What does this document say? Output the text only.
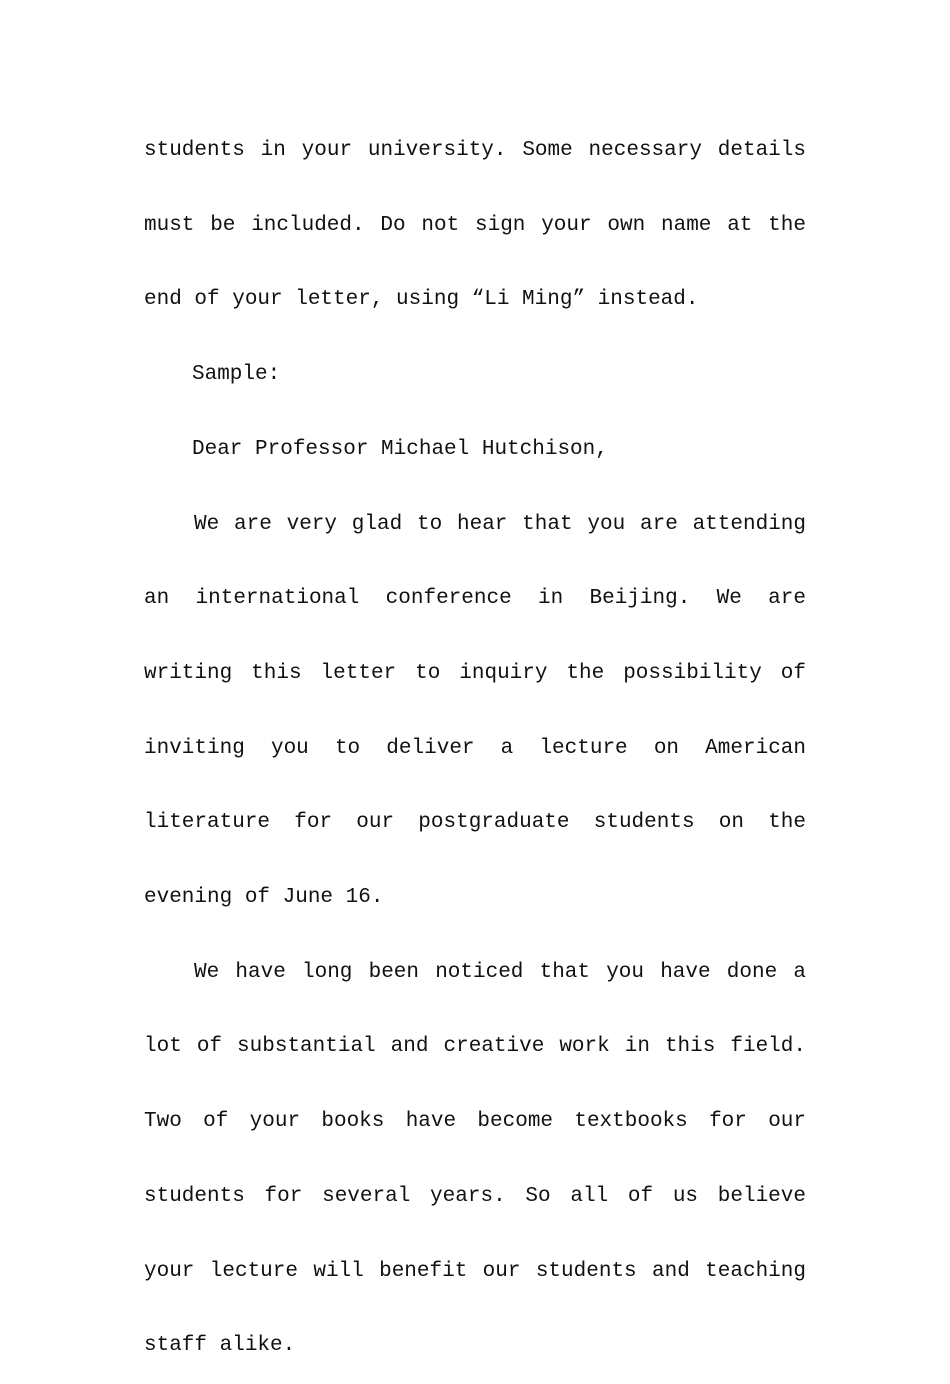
students in your university. Some necessary details must be included. Do not sign your own name at the end of your letter, using “Li Ming” instead.

Sample:

Dear Professor Michael Hutchison,

We are very glad to hear that you are attending an international conference in Beijing. We are writing this letter to inquiry the possibility of inviting you to deliver a lecture on American literature for our postgraduate students on the evening of June 16.

We have long been noticed that you have done a lot of substantial and creative work in this field. Two of your books have become textbooks for our students for several years. So all of us believe your lecture will benefit our students and teaching staff alike.
